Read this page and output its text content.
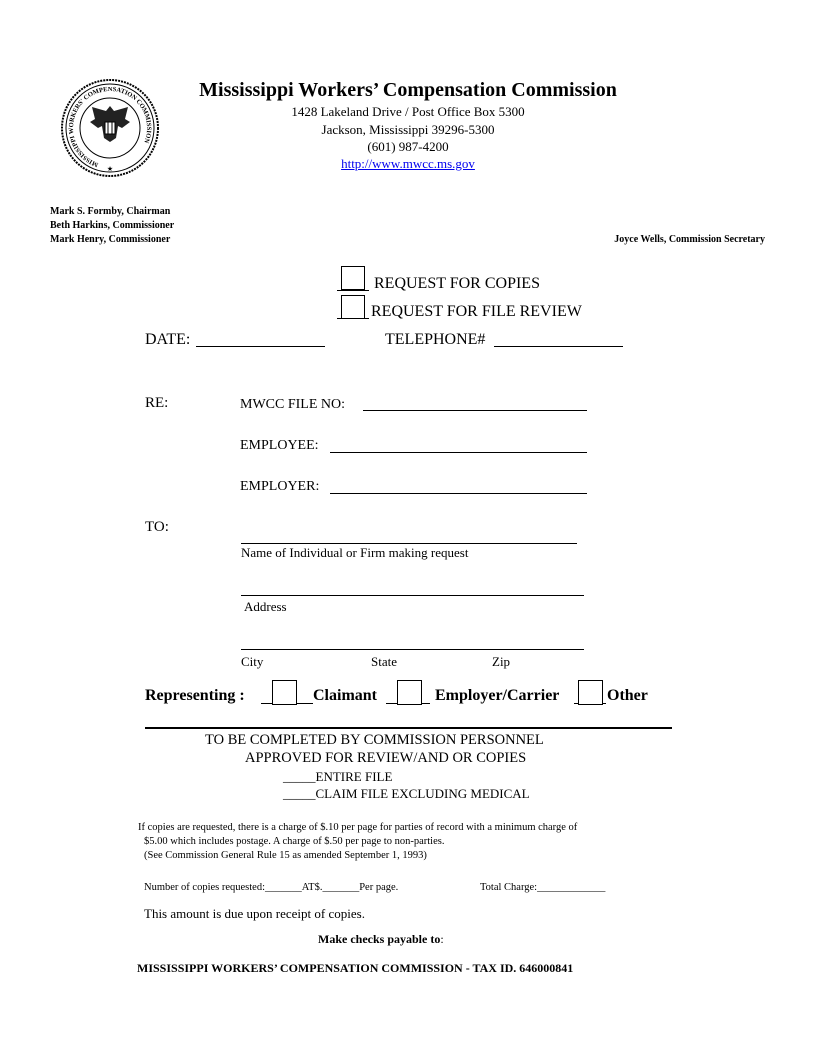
MISSISSIPPI WORKERS' COMPENSATION COMMISSION
★
Mississippi Workers’ Compensation Commission
1428 Lakeland Drive / Post Office Box 5300
Jackson, Mississippi 39296-5300
(601) 987-4200
http://www.mwcc.ms.gov
Mark S. Formby, Chairman
Beth Harkins, Commissioner
Mark Henry, Commissioner	Joyce Wells, Commission Secretary
REQUEST FOR COPIES
REQUEST FOR FILE REVIEW
DATE:	TELEPHONE#
RE:	MWCC FILE NO:
EMPLOYEE:
EMPLOYER:
TO:
Name of Individual or Firm making request
Address
City	State	Zip
Representing :	Claimant	Employer/Carrier	Other
TO BE COMPLETED BY COMMISSION PERSONNEL
APPROVED FOR REVIEW/AND OR COPIES
_____ENTIRE FILE
_____CLAIM FILE EXCLUDING MEDICAL
If copies are requested, there is a charge of $.10 per page for parties of record with a minimum charge of
$5.00 which includes postage. A charge of $.50 per page to non-parties.
(See Commission General Rule 15 as amended September 1, 1993)
Number of copies requested:_______AT$._______Per page.	Total Charge:_____________
This amount is due upon receipt of copies.
Make checks payable to:
MISSISSIPPI WORKERS’ COMPENSATION COMMISSION - TAX ID. 646000841
